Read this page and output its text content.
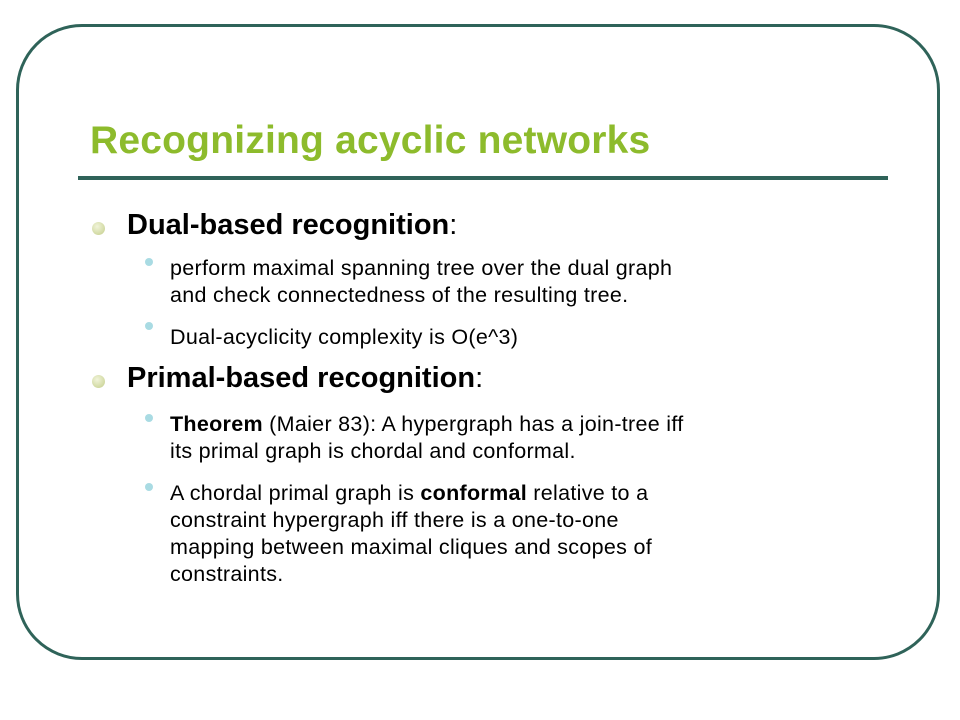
Recognizing acyclic networks
Dual-based recognition:
perform maximal spanning tree over the dual graph
and check connectedness of the resulting tree.
Dual-acyclicity complexity is O(e^3)
Primal-based recognition:
Theorem (Maier 83): A hypergraph has a join-tree iff
its primal graph is chordal and conformal.
A chordal primal graph is conformal relative to a
constraint hypergraph iff there is a one-to-one
mapping between maximal cliques and scopes of
constraints.
